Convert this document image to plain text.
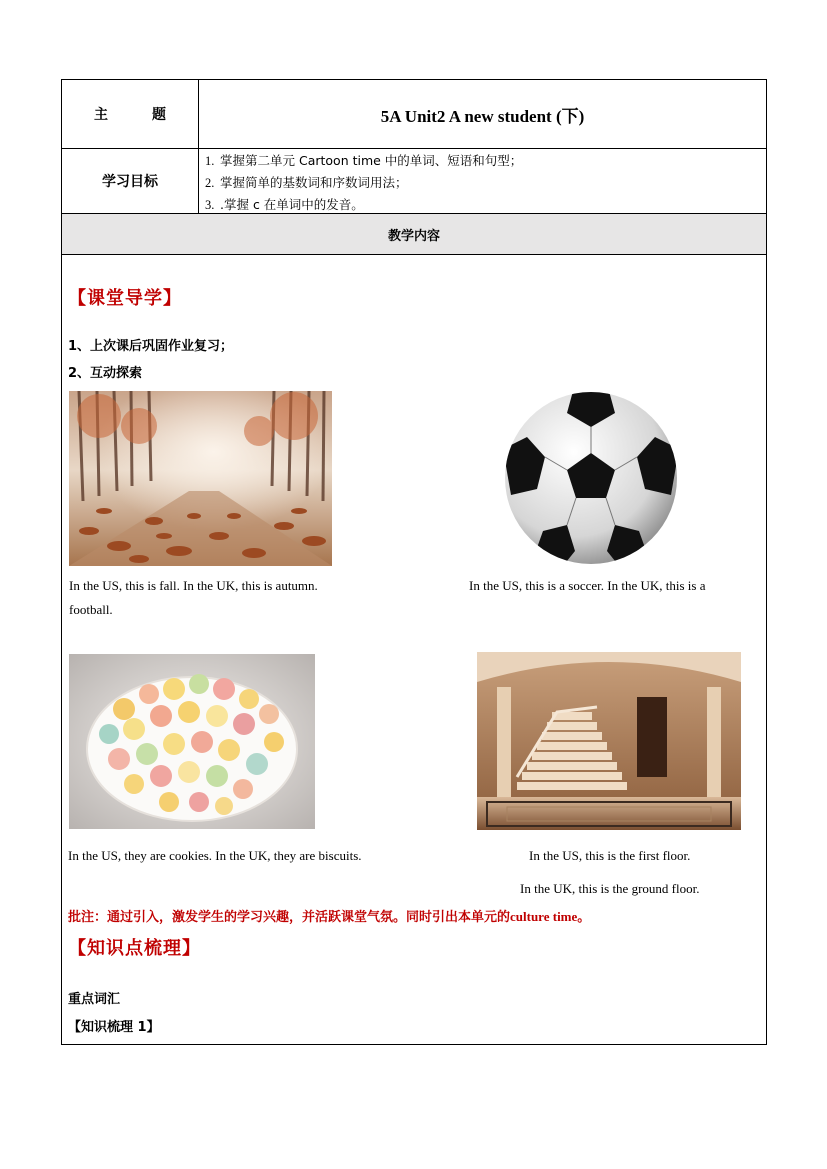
主	题	5A Unit2 A new student (下)
学习目标
1. 掌握第二单元 Cartoon time 中的单词、短语和句型；
2. 掌握简单的基数词和序数词用法；
3. .掌握 c 在单词中的发音。
教学内容
【课堂导学】
1、上次课后巩固作业复习；
2、互动探索
In the US, this is fall. In the UK, this is autumn.	In the US, this is a soccer. In the UK, this is a
football.
In the US, they are cookies. In the UK, they are biscuits.	In the US, this is the first floor.
In the UK, this is the ground floor.
批注：通过引入，激发学生的学习兴趣，并活跃课堂气氛。同时引出本单元的culture time。
【知识点梳理】
重点词汇
【知识梳理 1】
